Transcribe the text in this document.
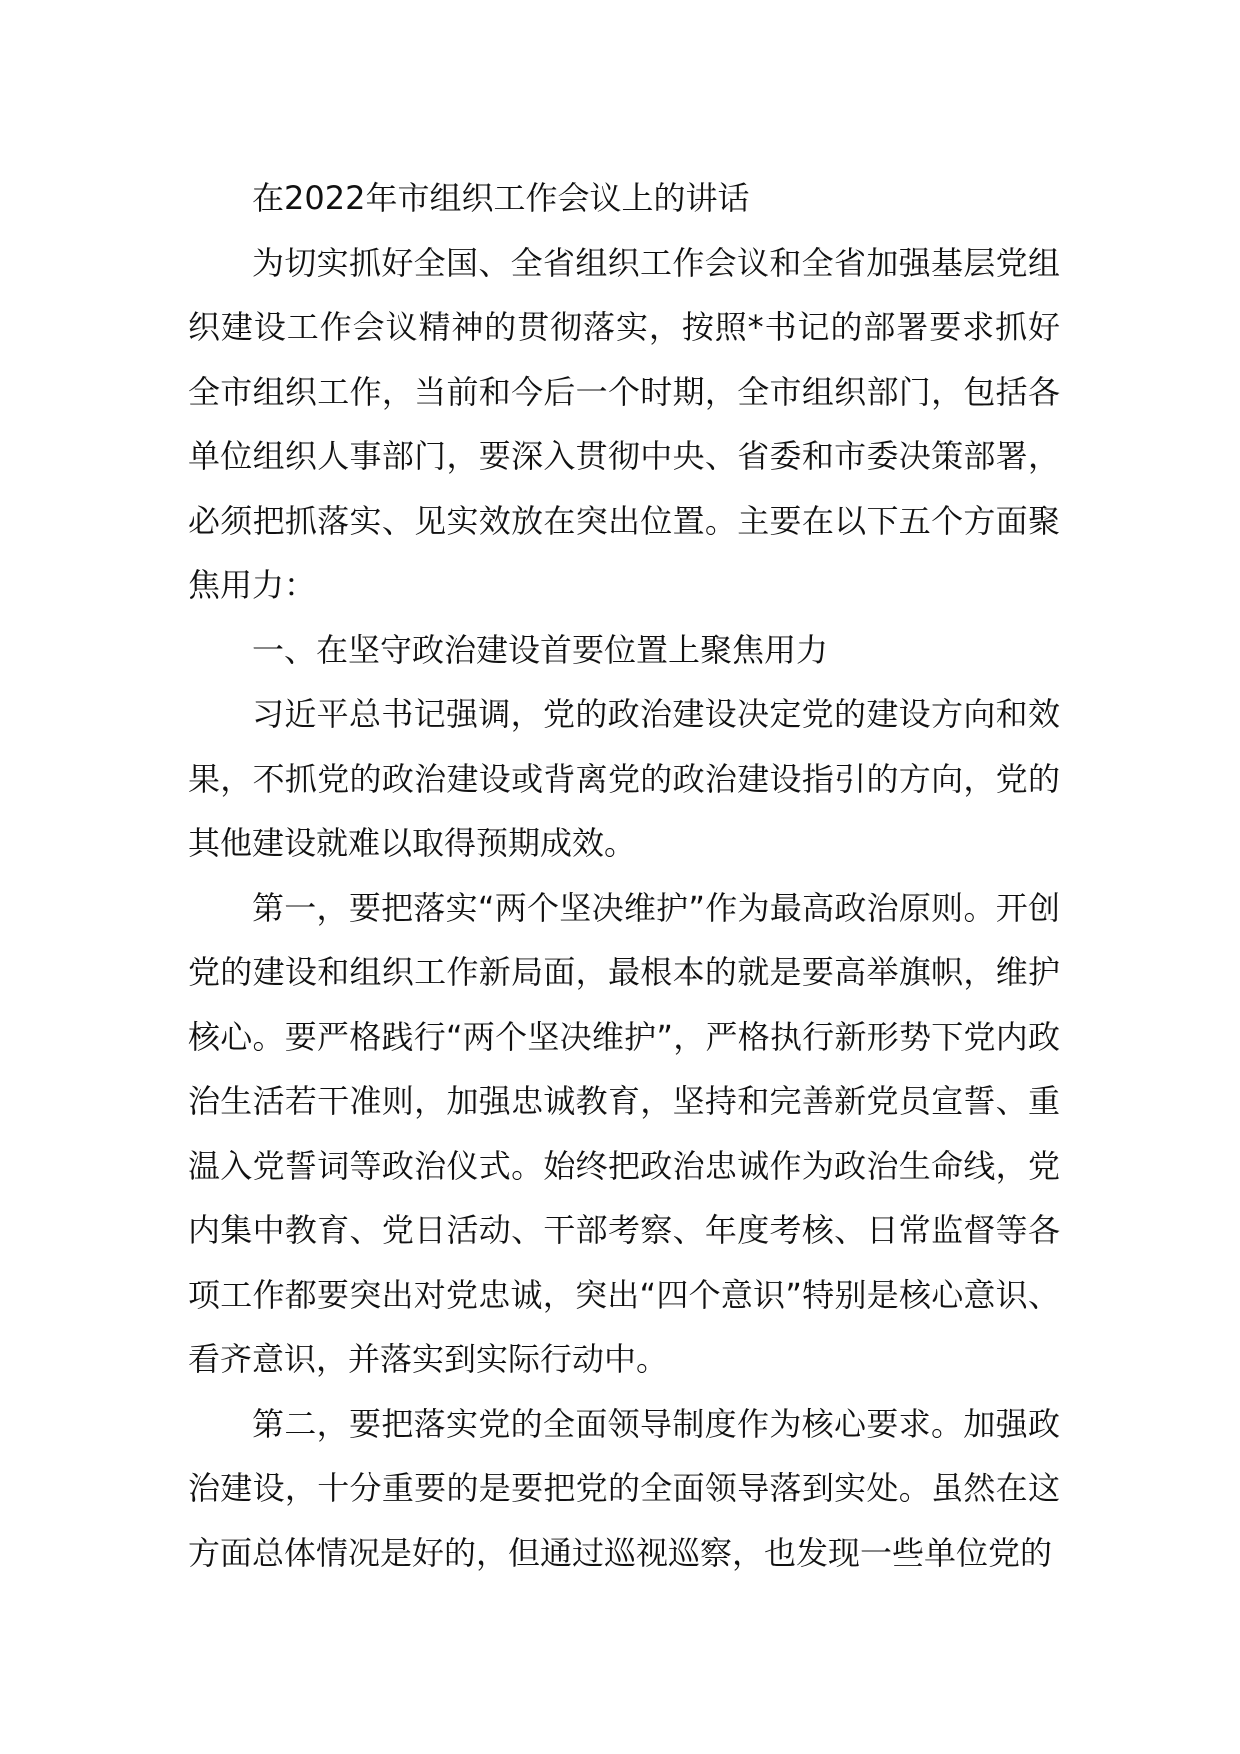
在2022年市组织工作会议上的讲话

为切实抓好全国、全省组织工作会议和全省加强基层党组织建设工作会议精神的贯彻落实，按照*书记的部署要求抓好全市组织工作，当前和今后一个时期，全市组织部门，包括各单位组织人事部门，要深入贯彻中央、省委和市委决策部署，必须把抓落实、见实效放在突出位置。主要在以下五个方面聚焦用力：

一、在坚守政治建设首要位置上聚焦用力

习近平总书记强调，党的政治建设决定党的建设方向和效果，不抓党的政治建设或背离党的政治建设指引的方向，党的其他建设就难以取得预期成效。

第一，要把落实“两个坚决维护”作为最高政治原则。开创党的建设和组织工作新局面，最根本的就是要高举旗帜，维护核心。要严格践行“两个坚决维护”，严格执行新形势下党内政治生活若干准则，加强忠诚教育，坚持和完善新党员宣誓、重温入党誓词等政治仪式。始终把政治忠诚作为政治生命线，党内集中教育、党日活动、干部考察、年度考核、日常监督等各项工作都要突出对党忠诚，突出“四个意识”特别是核心意识、看齐意识，并落实到实际行动中。

第二，要把落实党的全面领导制度作为核心要求。加强政治建设，十分重要的是要把党的全面领导落到实处。虽然在这方面总体情况是好的，但通过巡视巡察，也发现一些单位党的
